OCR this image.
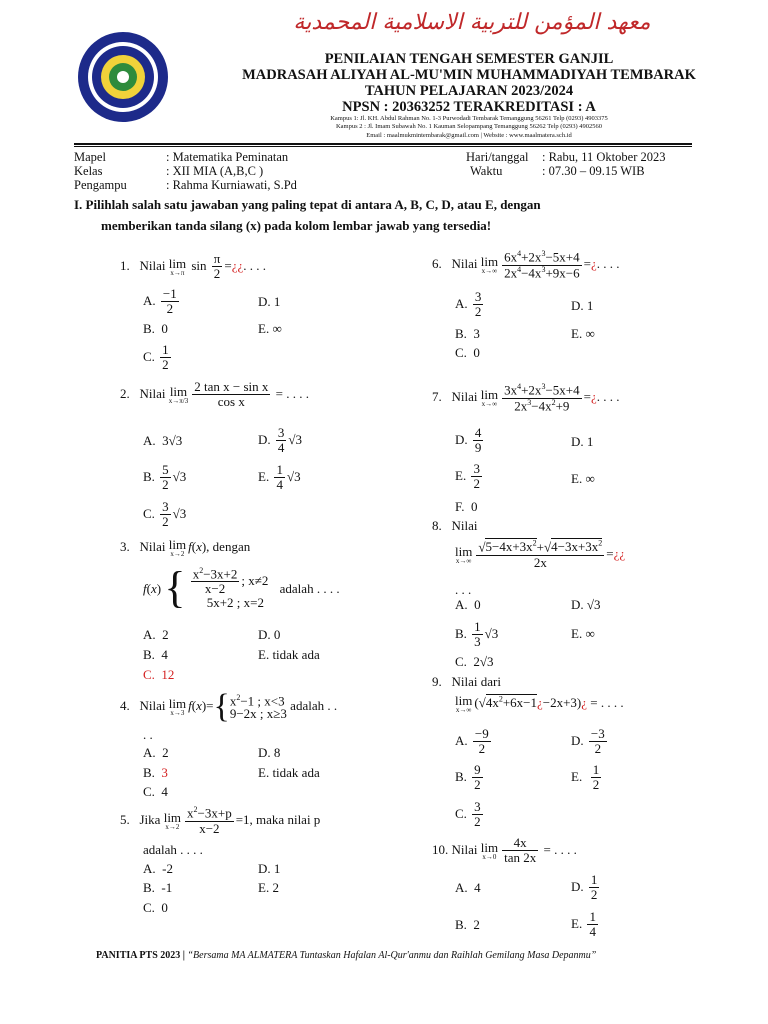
معهد المؤمن للتربية الاسلامية المحمدية
PENILAIAN TENGAH SEMESTER GANJIL
MADRASAH ALIYAH AL-MU'MIN MUHAMMADIYAH TEMBARAK
TAHUN PELAJARAN 2023/2024
NPSN : 20363252 TERAKREDITASI : A
Kampus 1: Jl. KH. Abdul Rahman No. 1-3 Purwodadi Tembarak Temanggung 56261 Telp (0293) 4903375
Kampus 2 : Jl. Imam Subawah No. 1 Kauman Selopampang Temanggung 56262 Telp (0293) 4902560
Email : maalmukmintembarak@gmail.com | Website : www.maalmatera.sch.id
Mapel	: Matematika Peminatan
Kelas	: XII MIA (A,B,C )
Pengampu	: Rahma Kurniawati, S.Pd
Hari/tanggal : Rabu, 11 Oktober 2023
Waktu	: 07.30 – 09.15 WIB
I. Pilihlah salah satu jawaban yang paling tepat di antara A, B, C, D, atau E, dengan
memberikan tanda silang (x) pada kolom lembar jawab yang tersedia!
1.   Nilai lim
x→π
$\sin \frac{\pi}{2}$ =¿¿. . . .
A. $\frac{-1}{2}$	D. 1
B.  0	E. ∞
C. $\frac{1}{2}$
2.   Nilai lim
$x\to\pi/3 \frac{\text{2 tan x − sin x}}{\text{cos x}}$ = . . . .
A.  3√3	D. $\frac{3}{4} √3$
B. $\frac{5}{2} √3$	E. $\frac{1}{4} √3$
C. $\frac{3}{2} √3$
3.   Nilai lim
x→2
f(x), dengan
f(x) { $\frac{x^2-3x+2}{x-2}$ ; x≠2
5x+2 ; x=2
adalah . . . .
A.  2	D. 0
B.  4	E. tidak ada
C.  12
4.   Nilai lim
x→3
f(x)={ $x^2-1$ ; x<3
9−2x ; x≥3
adalah . .
. .
A.  2	D. 8
B.  3	E. tidak ada
C.  4
5.   Jika lim
$x\to 2 \frac{x^2-3x+p}{x-2} =1$, maka nilai p
adalah . . . .
A.  -2	D. 1
B.  -1	E. 2
C.  0
6.   Nilai lim
$x\to\infty \frac{6x^4+2x^3-5x+4}{2x^4-4x^3+9x-6}$ =¿. . . .
A. $\frac{3}{2}$	D. 1
B.  3	E. ∞
C.  0
7.   Nilai lim
$x\to\infty \frac{3x^4+2x^3-5x+4}{2x^3-4x^2+9}$ =¿. . . .
D. $\frac{4}{9}$	D. 1
E. $\frac{3}{2}$	E. ∞
F.  0
8.   Nilai
lim
$x\to\infty \frac{√5-4x+3x^2+√4-3x+3x^2}{2x}$ =¿¿
. . .
A.  0	D. √3
B. $\frac{1}{3} √3$	E. ∞
C.  2√3
9.   Nilai dari
lim
x→∞
$(√4x^2+6x-1¿-2x+3)¿$ = . . . .
A. $\frac{-9}{2}$	D. $\frac{-3}{2}$
B. $\frac{9}{2}$	E. $\frac{1}{2}$
C. $\frac{3}{2}$
10. Nilai lim
$x\to 0 \frac{4x}{\tan 2x}$ = . . . .
A.  4	D. $\frac{1}{2}$
B.  2	E. $\frac{1}{4}$
PANITIA PTS 2023 | “Bersama MA ALMATERA Tuntaskan Hafalan Al-Qur'anmu dan Raihlah Gemilang Masa Depanmu”
